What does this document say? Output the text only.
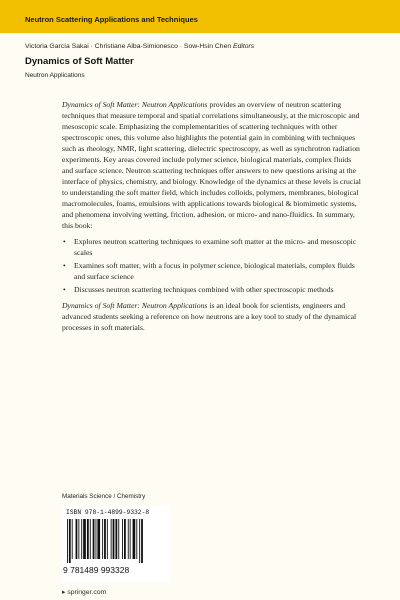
Neutron Scattering Applications and Techniques
Victoria García Sakai · Christiane Alba-Simionesco · Sow-Hsin Chen Editors
Dynamics of Soft Matter
Neutron Applications

Dynamics of Soft Matter: Neutron Applications provides an overview of neutron scattering techniques that measure temporal and spatial correlations simultaneously, at the microscopic and mesoscopic scale. Emphasizing the complementarities of scattering techniques with other spectroscopic ones, this volume also highlights the potential gain in combining with techniques such as rheology, NMR, light scattering, dielectric spectroscopy, as well as synchrotron radiation experiments. Key areas covered include polymer science, biological materials, complex fluids and surface science. Neutron scattering techniques offer answers to new questions arising at the interface of physics, chemistry, and biology. Knowledge of the dynamics at these levels is crucial to understanding the soft matter field, which includes colloids, polymers, membranes, biological macromolecules, foams, emulsions with applications towards biological & biomimetic systems, and phenomena involving wetting, friction, adhesion, or micro- and nano-fluidics. In summary, this book:

• Explores neutron scattering techniques to examine soft matter at the micro- and mesoscopic scales
• Examines soft matter, with a focus in polymer science, biological materials, complex fluids and surface science
• Discusses neutron scattering techniques combined with other spectroscopic methods

Dynamics of Soft Matter: Neutron Applications is an ideal book for scientists, engineers and advanced students seeking a reference on how neutrons are a key tool to study of the dynamical processes in soft materials.

Materials Science / Chemistry
ISBN 978-1-4899-9332-8
9 781489 993328
▸ springer.com
